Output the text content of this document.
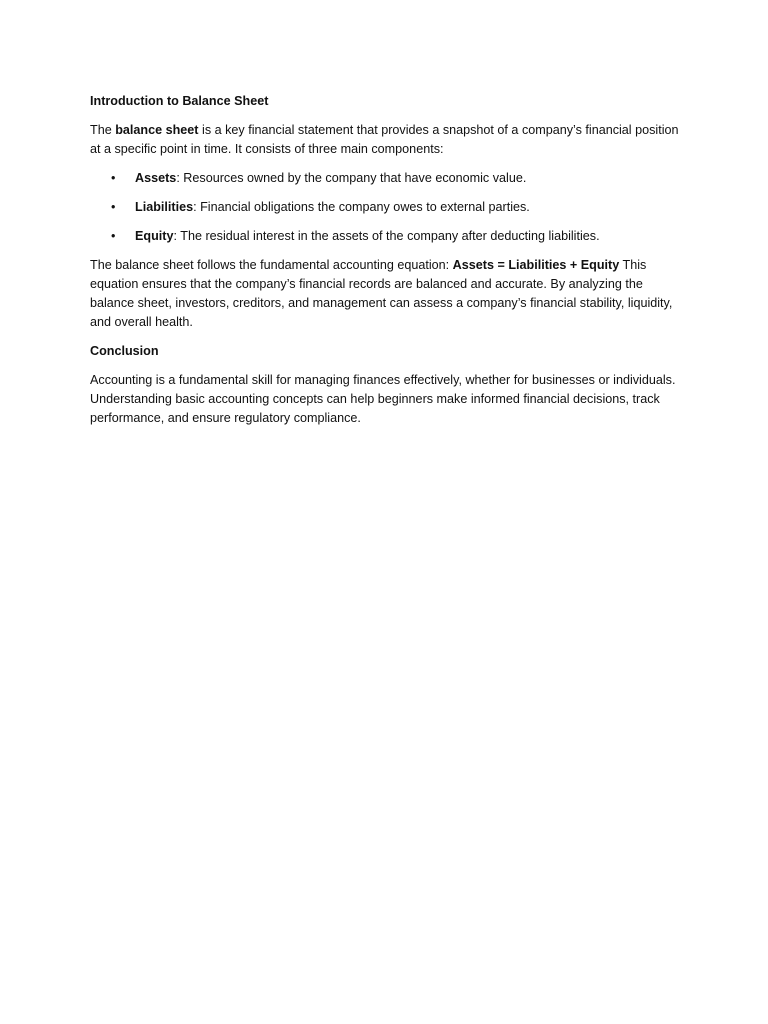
Introduction to Balance Sheet

The balance sheet is a key financial statement that provides a snapshot of a company’s financial position at a specific point in time. It consists of three main components:

• Assets: Resources owned by the company that have economic value.
• Liabilities: Financial obligations the company owes to external parties.
• Equity: The residual interest in the assets of the company after deducting liabilities.

The balance sheet follows the fundamental accounting equation: Assets = Liabilities + Equity This equation ensures that the company’s financial records are balanced and accurate. By analyzing the balance sheet, investors, creditors, and management can assess a company’s financial stability, liquidity, and overall health.

Conclusion

Accounting is a fundamental skill for managing finances effectively, whether for businesses or individuals. Understanding basic accounting concepts can help beginners make informed financial decisions, track performance, and ensure regulatory compliance.
